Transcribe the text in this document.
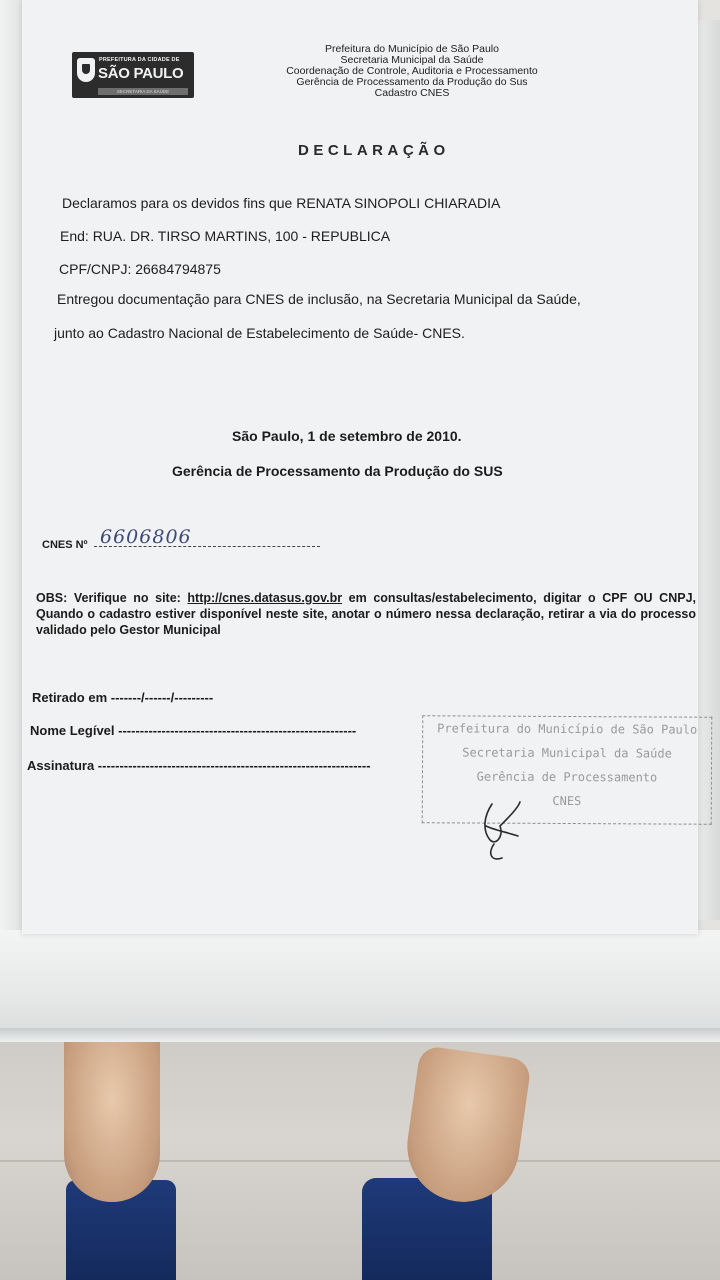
PREFEITURA DA CIDADE DE
SÃO PAULO
SECRETARIA DA SAÚDE
Prefeitura do Município de São Paulo
Secretaria Municipal da Saúde
Coordenação de Controle, Auditoria e Processamento
Gerência de Processamento da Produção do Sus
Cadastro CNES
DECLARAÇÃO
Declaramos para os devidos fins que RENATA SINOPOLI CHIARADIA
End: RUA. DR. TIRSO MARTINS, 100 - REPUBLICA
CPF/CNPJ: 26684794875
Entregou documentação para CNES de inclusão, na Secretaria Municipal da Saúde,
junto ao Cadastro Nacional de Estabelecimento de Saúde- CNES.
São Paulo, 1 de setembro de 2010.
Gerência de Processamento da Produção do SUS
CNES Nº 6606806
OBS: Verifique no site: http://cnes.datasus.gov.br em consultas/estabelecimento, digitar o CPF OU CNPJ, Quando o cadastro estiver disponível neste site, anotar o número nessa declaração, retirar a via do processo validado pelo Gestor Municipal
Retirado em -------/------/---------
Nome Legível -------------------------------------------------------
Assinatura ---------------------------------------------------------------
Prefeitura do Município de São Paulo
Secretaria Municipal da Saúde
Gerência de Processamento
CNES
